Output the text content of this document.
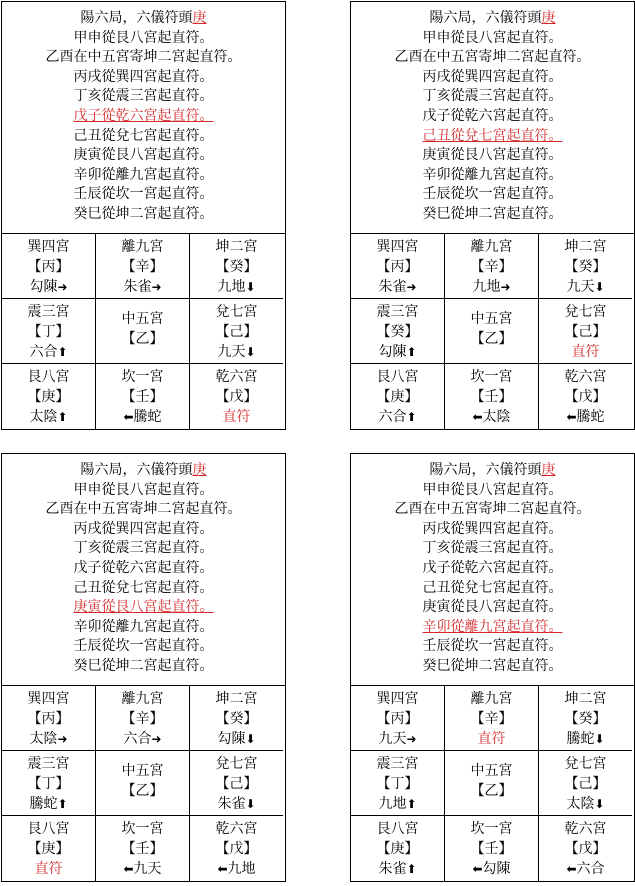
陽六局，六儀符頭庚
甲申從艮八宮起直符。
乙酉在中五宮寄坤二宮起直符。
丙戌從巽四宮起直符。
丁亥從震三宮起直符。
戊子從乾六宮起直符。
己丑從兌七宮起直符。
庚寅從艮八宮起直符。
辛卯從離九宮起直符。
壬辰從坎一宮起直符。
癸巳從坤二宮起直符。
巽四宮
【丙】
勾陳➜
離九宮
【辛】
朱雀➜
坤二宮
【癸】
九地⬇
震三宮
【丁】
六合⬆
中五宮
【乙】
兌七宮
【己】
九天⬇
艮八宮
【庚】
太陰⬆
坎一宮
【壬】
⬅騰蛇
乾六宮
【戊】
直符
陽六局，六儀符頭庚
甲申從艮八宮起直符。
乙酉在中五宮寄坤二宮起直符。
丙戌從巽四宮起直符。
丁亥從震三宮起直符。
戊子從乾六宮起直符。
己丑從兌七宮起直符。
庚寅從艮八宮起直符。
辛卯從離九宮起直符。
壬辰從坎一宮起直符。
癸巳從坤二宮起直符。
巽四宮
【丙】
朱雀➜
離九宮
【辛】
九地➜
坤二宮
【癸】
九天⬇
震三宮
【癸】
勾陳⬆
中五宮
【乙】
兌七宮
【己】
直符
艮八宮
【庚】
六合⬆
坎一宮
【壬】
⬅太陰
乾六宮
【戊】
⬅騰蛇
陽六局，六儀符頭庚
甲申從艮八宮起直符。
乙酉在中五宮寄坤二宮起直符。
丙戌從巽四宮起直符。
丁亥從震三宮起直符。
戊子從乾六宮起直符。
己丑從兌七宮起直符。
庚寅從艮八宮起直符。
辛卯從離九宮起直符。
壬辰從坎一宮起直符。
癸巳從坤二宮起直符。
巽四宮
【丙】
太陰➜
離九宮
【辛】
六合➜
坤二宮
【癸】
勾陳⬇
震三宮
【丁】
騰蛇⬆
中五宮
【乙】
兌七宮
【己】
朱雀⬇
艮八宮
【庚】
直符
坎一宮
【壬】
⬅九天
乾六宮
【戊】
⬅九地
陽六局，六儀符頭庚
甲申從艮八宮起直符。
乙酉在中五宮寄坤二宮起直符。
丙戌從巽四宮起直符。
丁亥從震三宮起直符。
戊子從乾六宮起直符。
己丑從兌七宮起直符。
庚寅從艮八宮起直符。
辛卯從離九宮起直符。
壬辰從坎一宮起直符。
癸巳從坤二宮起直符。
巽四宮
【丙】
九天➜
離九宮
【辛】
直符
坤二宮
【癸】
騰蛇⬇
震三宮
【丁】
九地⬆
中五宮
【乙】
兌七宮
【己】
太陰⬇
艮八宮
【庚】
朱雀⬆
坎一宮
【壬】
⬅勾陳
乾六宮
【戊】
⬅六合
